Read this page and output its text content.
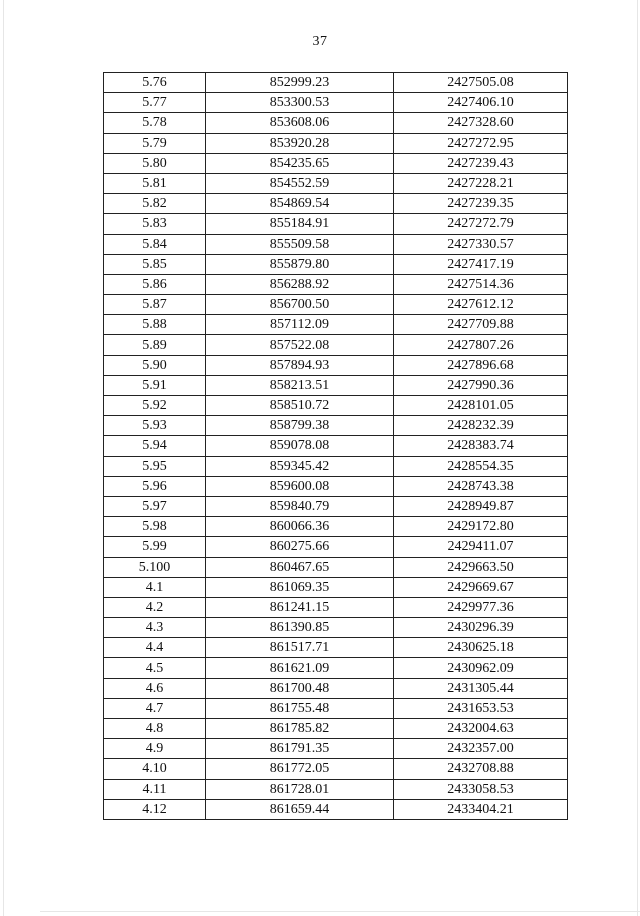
37
5.76	852999.23	2427505.08
5.77	853300.53	2427406.10
5.78	853608.06	2427328.60
5.79	853920.28	2427272.95
5.80	854235.65	2427239.43
5.81	854552.59	2427228.21
5.82	854869.54	2427239.35
5.83	855184.91	2427272.79
5.84	855509.58	2427330.57
5.85	855879.80	2427417.19
5.86	856288.92	2427514.36
5.87	856700.50	2427612.12
5.88	857112.09	2427709.88
5.89	857522.08	2427807.26
5.90	857894.93	2427896.68
5.91	858213.51	2427990.36
5.92	858510.72	2428101.05
5.93	858799.38	2428232.39
5.94	859078.08	2428383.74
5.95	859345.42	2428554.35
5.96	859600.08	2428743.38
5.97	859840.79	2428949.87
5.98	860066.36	2429172.80
5.99	860275.66	2429411.07
5.100	860467.65	2429663.50
4.1	861069.35	2429669.67
4.2	861241.15	2429977.36
4.3	861390.85	2430296.39
4.4	861517.71	2430625.18
4.5	861621.09	2430962.09
4.6	861700.48	2431305.44
4.7	861755.48	2431653.53
4.8	861785.82	2432004.63
4.9	861791.35	2432357.00
4.10	861772.05	2432708.88
4.11	861728.01	2433058.53
4.12	861659.44	2433404.21
